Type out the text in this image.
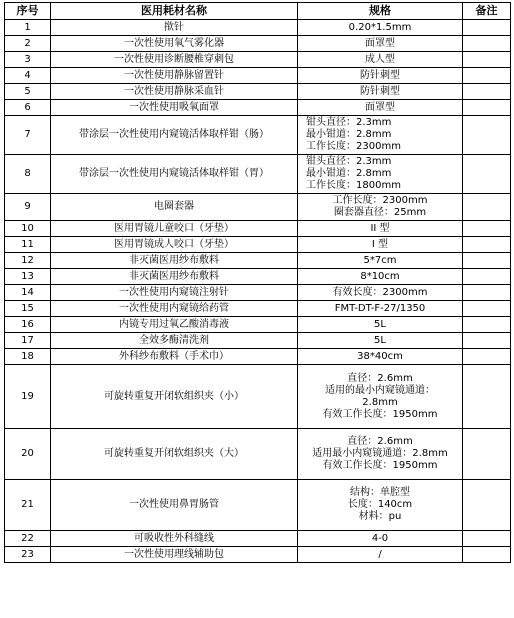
序号	医用耗材名称	规格	备注
1	揿针	0.20*1.5mm	

2	一次性使用氧气雾化器	面罩型	

3	一次性使用诊断腰椎穿刺包	成人型	

4	一次性使用静脉留置针	防针刺型	

5	一次性使用静脉采血针	防针刺型	

6	一次性使用吸氧面罩	面罩型	

7	带涂层一次性使用内窥镜活体取样钳（肠）	钳头直径：2.3mm
最小钳道：2.8mm
工作长度：2300mm	

8	带涂层一次性使用内窥镜活体取样钳（胃）	钳头直径：2.3mm
最小钳道：2.8mm
工作长度：1800mm	

9	电圈套器	工作长度：2300mm
圈套器直径：25mm	

10	医用胃镜儿童咬口（牙垫）	II 型	

11	医用胃镜成人咬口（牙垫）	I 型	

12	非灭菌医用纱布敷料	5*7cm	

13	非灭菌医用纱布敷料	8*10cm	

14	一次性使用内窥镜注射针	有效长度：2300mm	

15	一次性使用内窥镜给药管	FMT-DT-F-27/1350	

16	内镜专用过氧乙酸消毒液	5L	

17	全效多酶清洗剂	5L	

18	外科纱布敷料（手术巾）	38*40cm	

19	可旋转重复开闭软组织夹（小）	直径：2.6mm
适用的最小内窥镜通道：
2.8mm
有效工作长度：1950mm	

20	可旋转重复开闭软组织夹（大）	直径：2.6mm
适用最小内窥镜通道：2.8mm
有效工作长度：1950mm	

21	一次性使用鼻胃肠管	结构：单腔型
长度：140cm
材料：pu	

22	可吸收性外科缝线	4-0	

23	一次性使用理线辅助包	/	
